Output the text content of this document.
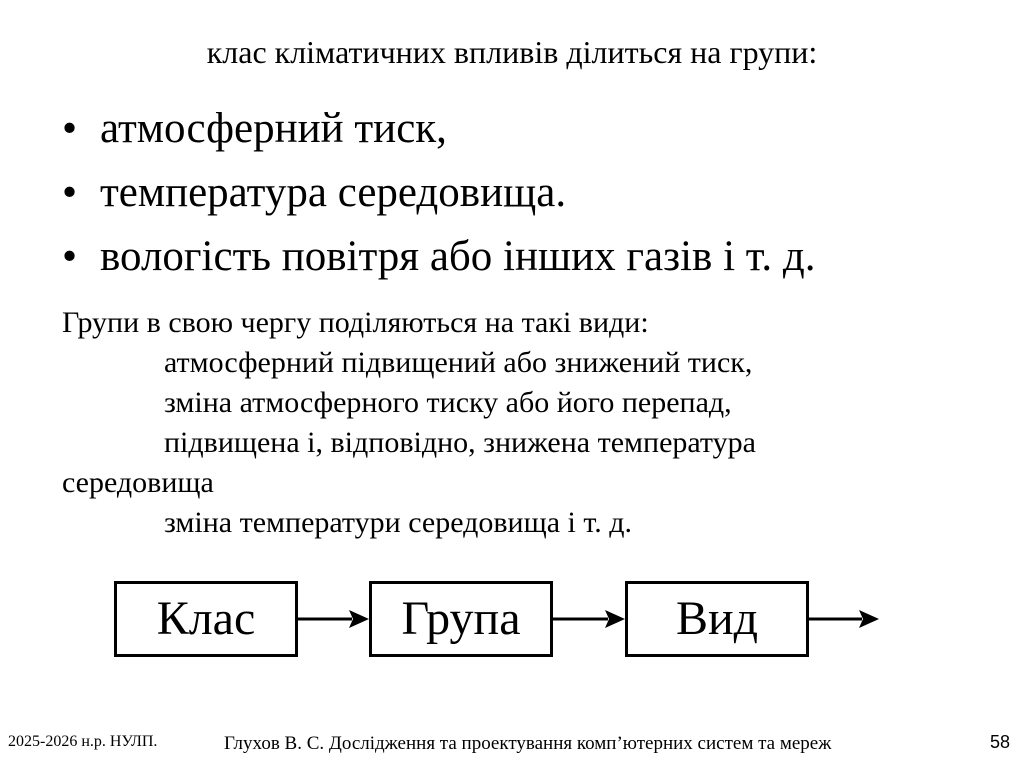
клас кліматичних впливів ділиться на групи:
• атмосферний тиск,
• температура середовища.
• вологість повітря або інших газів і т. д.
Групи в свою чергу поділяються на такі види:
атмосферний підвищений або знижений тиск,
зміна атмосферного тиску або його перепад,
підвищена і, відповідно, знижена температура
середовища
зміна температури середовища і т. д.
Клас	Група	Вид
2025-2026 н.р. НУЛП.	Глухов В. С. Дослідження та проектування комп’ютерних систем та мереж	58
